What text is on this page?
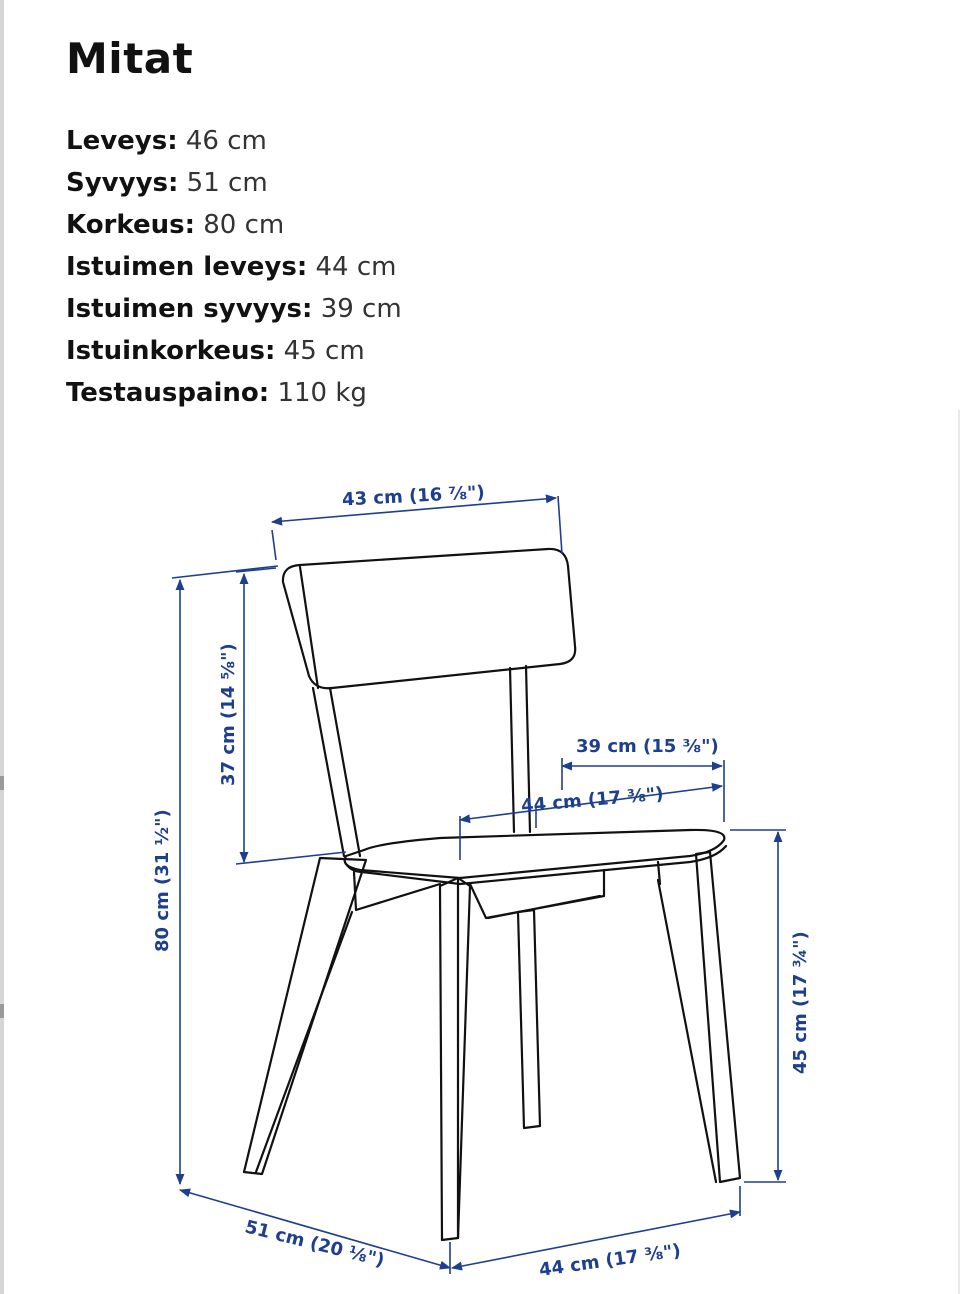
Mitat
Leveys: 46 cm
Syvyys: 51 cm
Korkeus: 80 cm
Istuimen leveys: 44 cm
Istuimen syvyys: 39 cm
Istuinkorkeus: 45 cm
Testauspaino: 110 kg
43 cm (16 ⅞")
39 cm (15 ⅜")
44 cm (17 ⅜")
37 cm (14 ⅝")
80 cm (31 ½")
45 cm (17 ¾")
51 cm (20 ⅛")	44 cm (17 ⅜")
